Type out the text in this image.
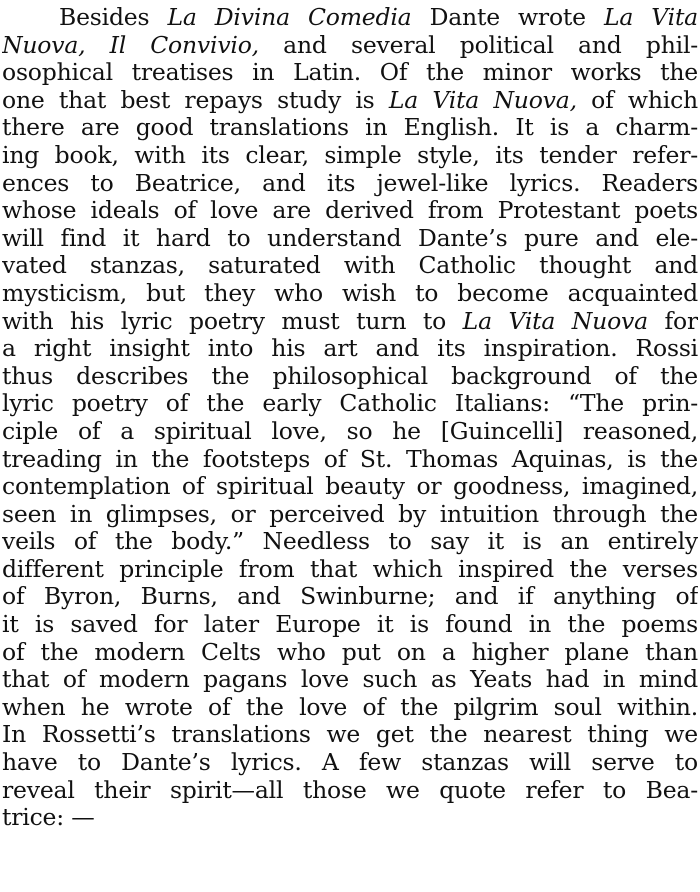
Besides La Divina Comedia Dante wrote La Vita
Nuova, Il Convivio, and several political and phil-
osophical treatises in Latin. Of the minor works the
one that best repays study is La Vita Nuova, of which
there are good translations in English. It is a charm-
ing book, with its clear, simple style, its tender refer-
ences to Beatrice, and its jewel-like lyrics. Readers
whose ideals of love are derived from Protestant poets
will find it hard to understand Dante’s pure and ele-
vated stanzas, saturated with Catholic thought and
mysticism, but they who wish to become acquainted
with his lyric poetry must turn to La Vita Nuova for
a right insight into his art and its inspiration. Rossi
thus describes the philosophical background of the
lyric poetry of the early Catholic Italians: “The prin-
ciple of a spiritual love, so he [Guincelli] reasoned,
treading in the footsteps of St. Thomas Aquinas, is the
contemplation of spiritual beauty or goodness, imagined,
seen in glimpses, or perceived by intuition through the
veils of the body.” Needless to say it is an entirely
different principle from that which inspired the verses
of Byron, Burns, and Swinburne; and if anything of
it is saved for later Europe it is found in the poems
of the modern Celts who put on a higher plane than
that of modern pagans love such as Yeats had in mind
when he wrote of the love of the pilgrim soul within.
In Rossetti’s translations we get the nearest thing we
have to Dante’s lyrics. A few stanzas will serve to
reveal their spirit—all those we quote refer to Bea-
trice: —
